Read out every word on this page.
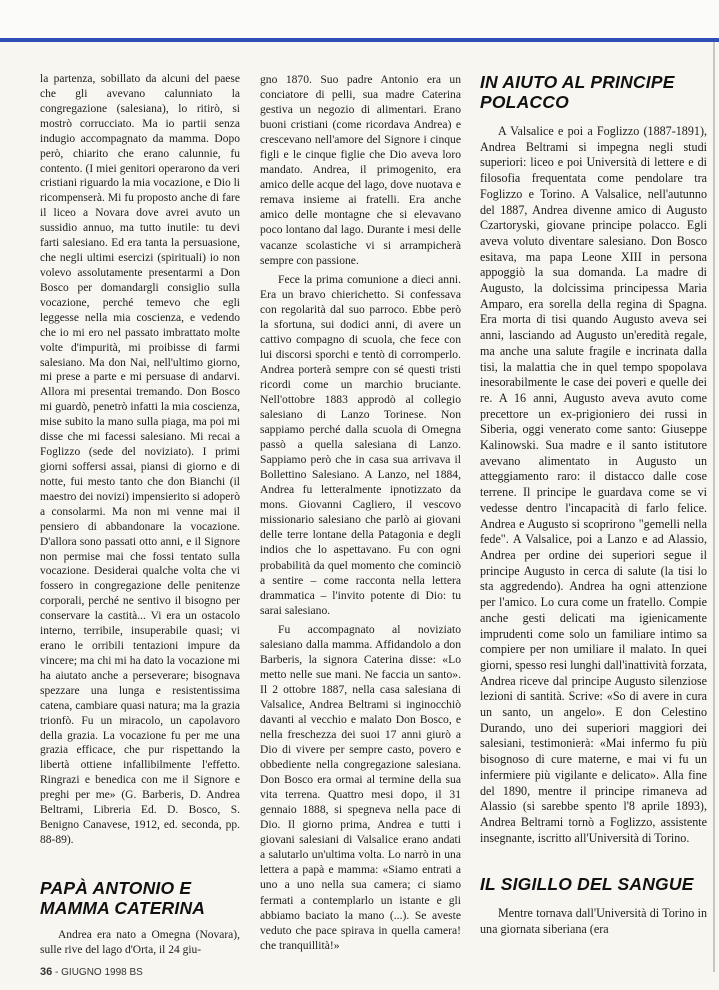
la partenza, sobillato da alcuni del paese che gli avevano calunniato la congregazione (salesiana), lo ritirò, si mostrò corrucciato. Ma io partii senza indugio accompagnato da mamma. Dopo però, chiarito che erano calunnie, fu contento. (I miei genitori operarono da veri cristiani riguardo la mia vocazione, e Dio li ricompenserà. Mi fu proposto anche di fare il liceo a Novara dove avrei avuto un sussidio annuo, ma tutto inutile: tu devi farti salesiano. Ed era tanta la persuasione, che negli ultimi esercizi (spirituali) io non volevo assolutamente presentarmi a Don Bosco per domandargli consiglio sulla vocazione, perché temevo che egli leggesse nella mia coscienza, e vedendo che io mi ero nel passato imbrattato molte volte d'impurità, mi proibisse di farmi salesiano. Ma don Nai, nell'ultimo giorno, mi prese a parte e mi persuase di andarvi. Allora mi presentai tremando. Don Bosco mi guardò, penetrò infatti la mia coscienza, mise subito la mano sulla piaga, ma poi mi disse che mi facessi salesiano. Mi recai a Foglizzo (sede del noviziato). I primi giorni soffersi assai, piansi di giorno e di notte, fui mesto tanto che don Bianchi (il maestro dei novizi) impensierito si adoperò a consolarmi. Ma non mi venne mai il pensiero di abbandonare la vocazione. D'allora sono passati otto anni, e il Signore non permise mai che fossi tentato sulla vocazione. Desiderai qualche volta che vi fossero in congregazione delle penitenze corporali, perché ne sentivo il bisogno per conservare la castità... Vi era un ostacolo interno, terribile, insuperabile quasi; vi erano le orribili tentazioni impure da vincere; ma chi mi ha dato la vocazione mi ha aiutato anche a perseverare; bisognava spezzare una lunga e resistentissima catena, cambiare quasi natura; ma la grazia trionfò. Fu un miracolo, un capolavoro della grazia. La vocazione fu per me una grazia efficace, che pur rispettando la libertà ottiene infallibilmente l'effetto. Ringrazi e benedica con me il Signore e preghi per me» (G. Barberis, D. Andrea Beltrami, Libreria Ed. D. Bosco, S. Benigno Canavese, 1912, ed. seconda, pp. 88-89).

PAPÀ ANTONIO E MAMMA CATERINA

Andrea era nato a Omegna (Novara), sulle rive del lago d'Orta, il 24 giu-

gno 1870. Suo padre Antonio era un conciatore di pelli, sua madre Caterina gestiva un negozio di alimentari. Erano buoni cristiani (come ricordava Andrea) e crescevano nell'amore del Signore i cinque figli e le cinque figlie che Dio aveva loro mandato. Andrea, il primogenito, era amico delle acque del lago, dove nuotava e remava insieme ai fratelli. Era anche amico delle montagne che si elevavano poco lontano dal lago. Durante i mesi delle vacanze scolastiche vi si arrampicherà sempre con passione.

Fece la prima comunione a dieci anni. Era un bravo chierichetto. Si confessava con regolarità dal suo parroco. Ebbe però la sfortuna, sui dodici anni, di avere un cattivo compagno di scuola, che fece con lui discorsi sporchi e tentò di corromperlo. Andrea porterà sempre con sé questi tristi ricordi come un marchio bruciante. Nell'ottobre 1883 approdò al collegio salesiano di Lanzo Torinese. Non sappiamo perché dalla scuola di Omegna passò a quella salesiana di Lanzo. Sappiamo però che in casa sua arrivava il Bollettino Salesiano. A Lanzo, nel 1884, Andrea fu letteralmente ipnotizzato da mons. Giovanni Cagliero, il vescovo missionario salesiano che parlò ai giovani delle terre lontane della Patagonia e degli indios che lo aspettavano. Fu con ogni probabilità da quel momento che cominciò a sentire – come racconta nella lettera drammatica – l'invito potente di Dio: tu sarai salesiano.

Fu accompagnato al noviziato salesiano dalla mamma. Affidandolo a don Barberis, la signora Caterina disse: «Lo metto nelle sue mani. Ne faccia un santo». Il 2 ottobre 1887, nella casa salesiana di Valsalice, Andrea Beltrami si inginocchiò davanti al vecchio e malato Don Bosco, e nella freschezza dei suoi 17 anni giurò a Dio di vivere per sempre casto, povero e obbediente nella congregazione salesiana. Don Bosco era ormai al termine della sua vita terrena. Quattro mesi dopo, il 31 gennaio 1888, si spegneva nella pace di Dio. Il giorno prima, Andrea e tutti i giovani salesiani di Valsalice erano andati a salutarlo un'ultima volta. Lo narrò in una lettera a papà e mamma: «Siamo entrati a uno a uno nella sua camera; ci siamo fermati a contemplarlo un istante e gli abbiamo baciato la mano (...). Se aveste veduto che pace spirava in quella camera! che tranquillità!»

IN AIUTO AL PRINCIPE POLACCO

A Valsalice e poi a Foglizzo (1887-1891), Andrea Beltrami si impegna negli studi superiori: liceo e poi Università di lettere e di filosofia frequentata come pendolare tra Foglizzo e Torino. A Valsalice, nell'autunno del 1887, Andrea divenne amico di Augusto Czartoryski, giovane principe polacco. Egli aveva voluto diventare salesiano. Don Bosco esitava, ma papa Leone XIII in persona appoggiò la sua domanda. La madre di Augusto, la dolcissima principessa Maria Amparo, era sorella della regina di Spagna. Era morta di tisi quando Augusto aveva sei anni, lasciando ad Augusto un'eredità regale, ma anche una salute fragile e incrinata dalla tisi, la malattia che in quel tempo spopolava inesorabilmente le case dei poveri e quelle dei re. A 16 anni, Augusto aveva avuto come precettore un ex-prigioniero dei russi in Siberia, oggi venerato come santo: Giuseppe Kalinowski. Sua madre e il santo istitutore avevano alimentato in Augusto un atteggiamento raro: il distacco dalle cose terrene. Il principe le guardava come se vi vedesse dentro l'incapacità di farlo felice. Andrea e Augusto si scoprirono "gemelli nella fede". A Valsalice, poi a Lanzo e ad Alassio, Andrea per ordine dei superiori segue il principe Augusto in cerca di salute (la tisi lo sta aggredendo). Andrea ha ogni attenzione per l'amico. Lo cura come un fratello. Compie anche gesti delicati ma igienicamente imprudenti come solo un familiare intimo sa compiere per non umiliare il malato. In quei giorni, spesso resi lunghi dall'inattività forzata, Andrea riceve dal principe Augusto silenziose lezioni di santità. Scrive: «So di avere in cura un santo, un angelo». E don Celestino Durando, uno dei superiori maggiori dei salesiani, testimonierà: «Mai infermo fu più bisognoso di cure materne, e mai vi fu un infermiere più vigilante e delicato». Alla fine del 1890, mentre il principe rimaneva ad Alassio (si sarebbe spento l'8 aprile 1893), Andrea Beltrami tornò a Foglizzo, assistente insegnante, iscritto all'Università di Torino.

IL SIGILLO DEL SANGUE

Mentre tornava dall'Università di Torino in una giornata siberiana (era

36 - GIUGNO 1998 BS
